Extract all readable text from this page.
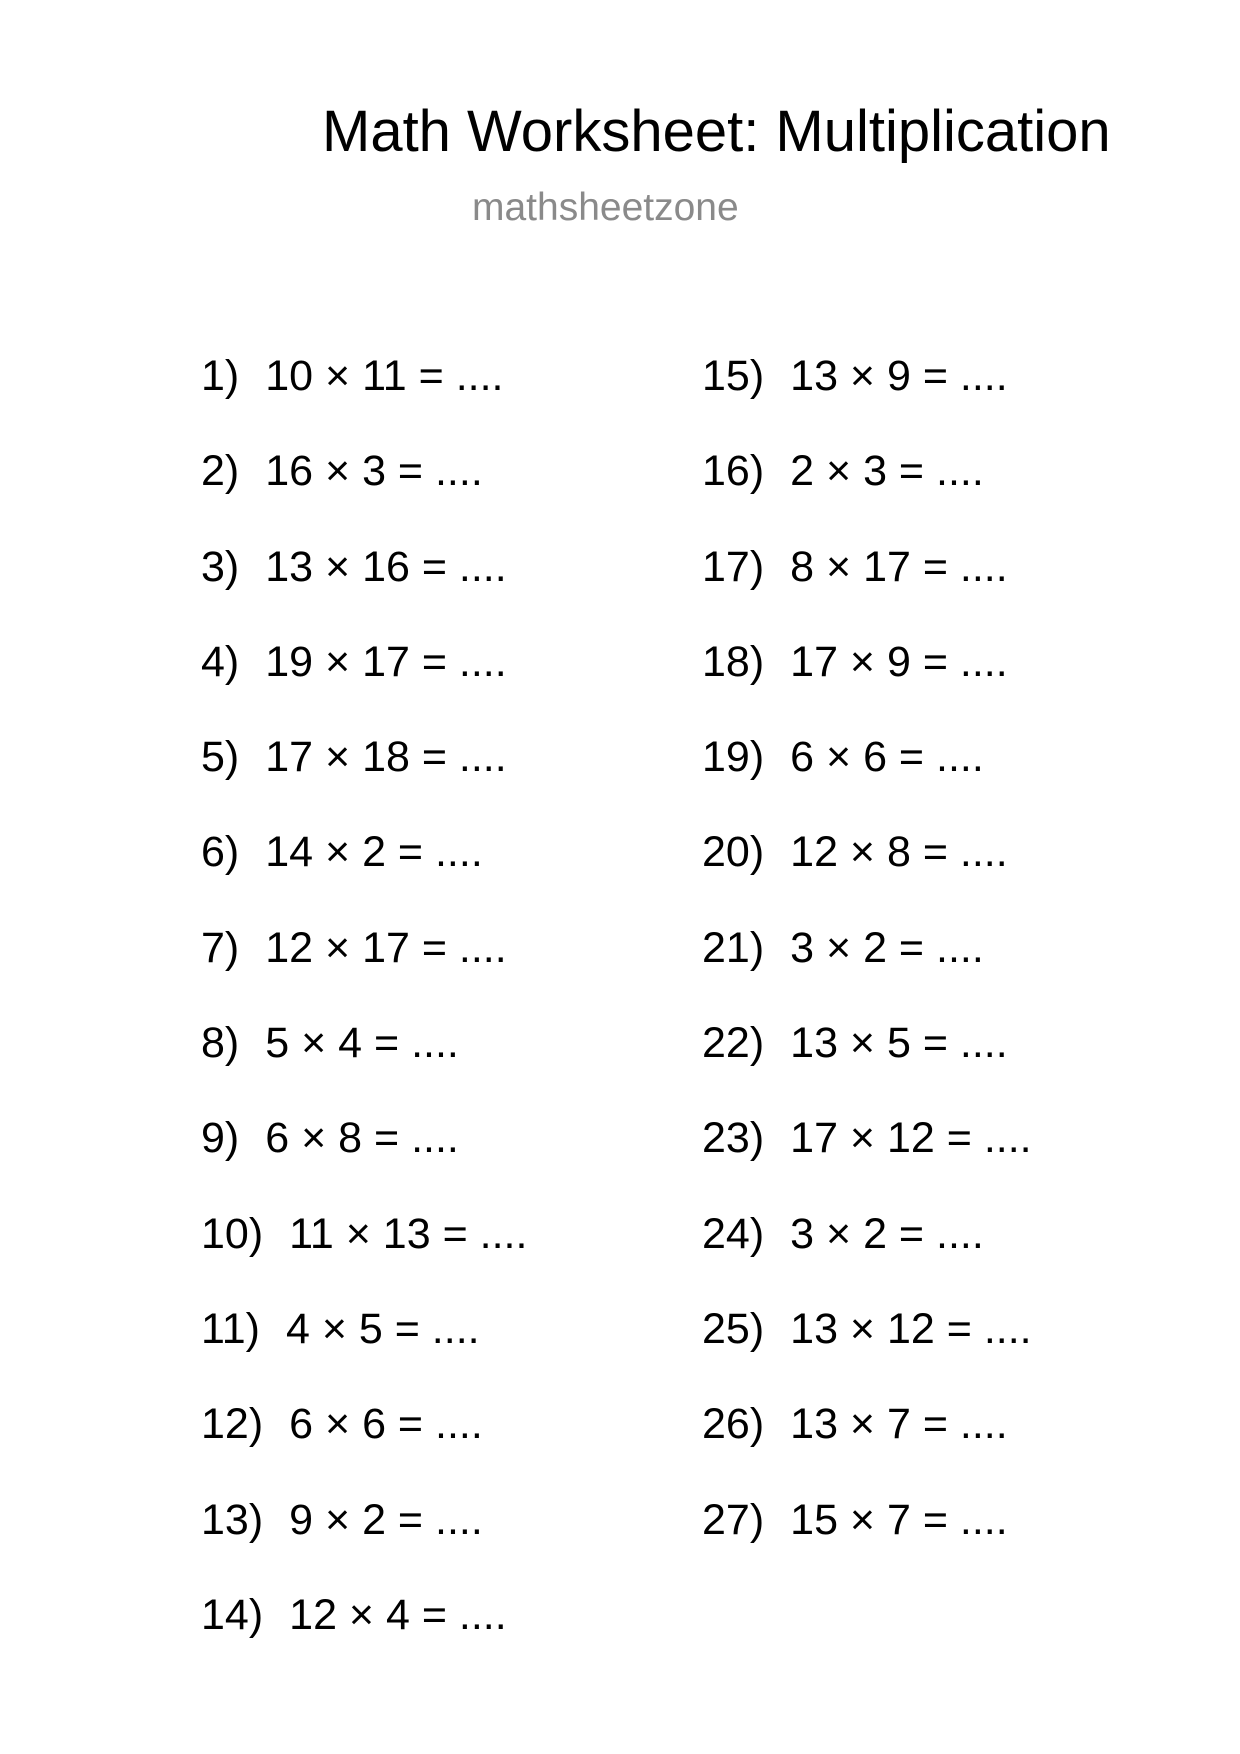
Math Worksheet: Multiplication
mathsheetzone
1) 10 × 11 = ....
2) 16 × 3 = ....
3) 13 × 16 = ....
4) 19 × 17 = ....
5) 17 × 18 = ....
6) 14 × 2 = ....
7) 12 × 17 = ....
8) 5 × 4 = ....
9) 6 × 8 = ....
10) 11 × 13 = ....
11) 4 × 5 = ....
12) 6 × 6 = ....
13) 9 × 2 = ....
14) 12 × 4 = ....
15) 13 × 9 = ....
16) 2 × 3 = ....
17) 8 × 17 = ....
18) 17 × 9 = ....
19) 6 × 6 = ....
20) 12 × 8 = ....
21) 3 × 2 = ....
22) 13 × 5 = ....
23) 17 × 12 = ....
24) 3 × 2 = ....
25) 13 × 12 = ....
26) 13 × 7 = ....
27) 15 × 7 = ....
